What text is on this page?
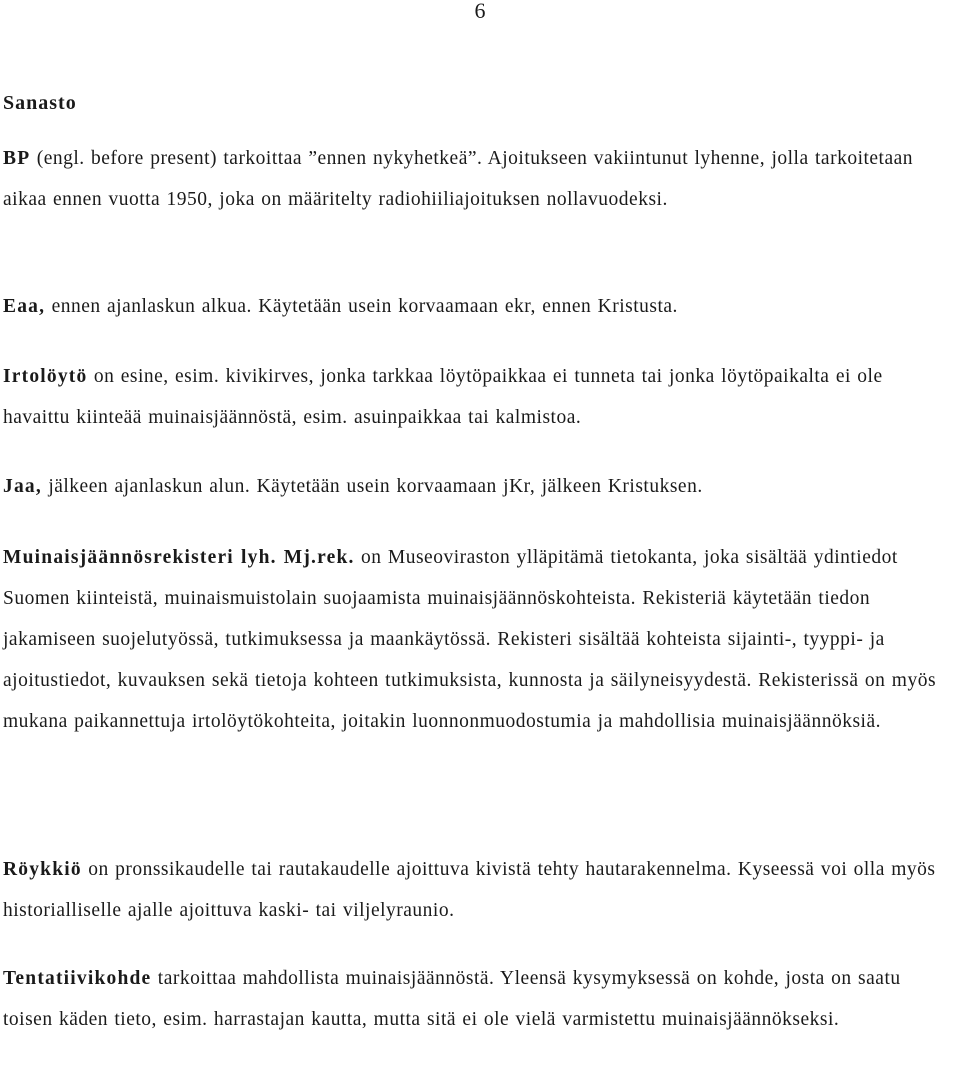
6
Sanasto
BP (engl. before present) tarkoittaa ”ennen nykyhetkeä”. Ajoitukseen vakiintunut lyhenne, jolla tarkoitetaan aikaa ennen vuotta 1950, joka on määritelty radiohiiliajoituksen nollavuodeksi.
Eaa, ennen ajanlaskun alkua. Käytetään usein korvaamaan ekr, ennen Kristusta.
Irtolöytö on esine, esim. kivikirves, jonka tarkkaa löytöpaikkaa ei tunneta tai jonka löytöpaikalta ei ole havaittu kiinteää muinaisjäännöstä, esim. asuinpaikkaa tai kalmistoa.
Jaa, jälkeen ajanlaskun alun. Käytetään usein korvaamaan jKr, jälkeen Kristuksen.
Muinaisjäännösrekisteri lyh. Mj.rek. on Museoviraston ylläpitämä tietokanta, joka sisältää ydintiedot Suomen kiinteistä, muinaismuistolain suojaamista muinaisjäännöskohteista. Rekisteriä käytetään tiedon jakamiseen suojelutyössä, tutkimuksessa ja maankäytössä. Rekisteri sisältää kohteista sijainti-, tyyppi- ja ajoitustiedot, kuvauksen sekä tietoja kohteen tutkimuksista, kunnosta ja säilyneisyydestä. Rekisterissä on myös mukana paikannettuja irtolöytökohteita, joitakin luonnonmuodostumia ja mahdollisia muinaisjäännöksiä.
Röykkiö on pronssikaudelle tai rautakaudelle ajoittuva kivistä tehty hautarakennelma. Kyseessä voi olla myös historialliselle ajalle ajoittuva kaski- tai viljelyraunio.
Tentatiivikohde tarkoittaa mahdollista muinaisjäännöstä. Yleensä kysymyksessä on kohde, josta on saatu toisen käden tieto, esim. harrastajan kautta, mutta sitä ei ole vielä varmistettu muinaisjäännökseksi.
